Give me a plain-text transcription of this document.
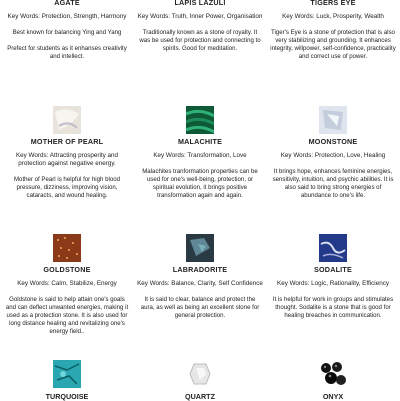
AGATE
Key Words: Protection, Strength, Harmony
Best known for balancing Ying and Yang

Prefect for students as it enhanses creativity and intellect.
LAPIS LAZULI
Key Words: Truth, Inner Power, Organisation
Traditionally known as a stone of royalty. It was be used for protection and connecting to spirits. Good for meditation.
TIGERS EYE
Key Words: Luck, Prosperity, Wealth
Tiger's Eye is a stone of protection that is also very stabilizing and grounding. It enhances integrity, willpower, self-confidence, practicality and correct use of power.
MOTHER OF PEARL
Key Words: Attracting prosperity and protection against negative energy.
Mother of Pearl is helpful for high blood pressure, dizziness, improving vision, cataracts, and wound healing.
MALACHITE
Key Words: Transformation, Love
Malachites tranformation properties can be used for one's well-being, protection, or spiritual evolution, it brings positive transformation again and again.
MOONSTONE
Key Words: Protection, Love, Healing
It brings hope, enhances feminine energies, sensitivity, intuition, and psychic abilities. It is also said to bring strong energies of abundance to one's life.
GOLDSTONE
Key Words: Calm, Stabilize, Energy
Goldstone is said to help attain one's goals and can deflect unwanted energies, making it used as a protection stone. It is also used for long distance healing and revitalizing one's energy field..
LABRADORITE
Key Words: Balance, Clarity, Self Confidence
It is said to clear, balance and protect the aura, as well as being an excellent stone for general protection.
SODALITE
Key Words: Logic, Rationality, Efficiency
It is helpful for work in groups and stimulates thought. Sodalite is a stone that is good for healing breaches in communication.
TURQUOISE	QUARTZ	ONYX
